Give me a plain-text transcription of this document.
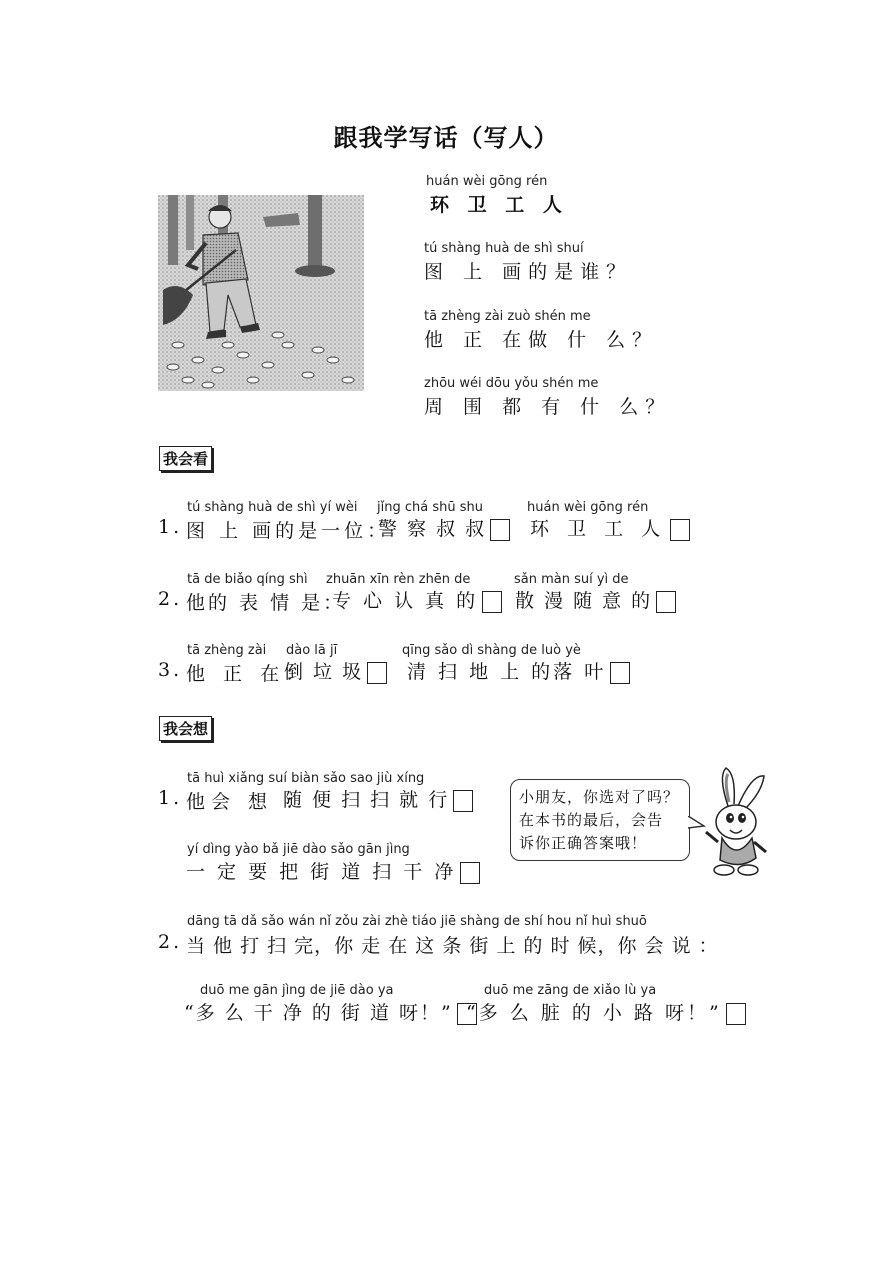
跟我学写话（写人）
huán wèi gōng rén
环 卫 工 人
tú shàng huà de shì shuí
图 上 画的是谁？
tā zhèng zài zuò shén me
他 正 在做 什 么？
zhōu wéi dōu yǒu shén me
周 围 都 有 什 么？
我会看
tú shàng huà de shì yí wèi jǐng chá shū shu	huán wèi gōng rén
1. 图 上 画的是一位：
警 察 叔 叔 环 卫 工 人
tā de biǎo qíng shì zhuān xīn rèn zhēn de	sǎn màn suí yì de
2. 他的 表 情 是：
专 心 认 真 的 散 漫 随 意 的
tā zhèng zài dào lā jī	qīng sǎo dì shàng de luò yè
3. 他 正 在：
倒 垃 圾 清 扫 地 上 的落 叶
我会想
tā huì xiǎng suí biàn sǎo sao jiù xíng
1. 他会 想 ：
随 便 扫 扫 就 行
yí dìng yào bǎ jiē dào sǎo gān jìng
一 定 要 把 街 道 扫 干 净
小朋友，你选对了吗？
在本书的最后，会告
诉你正确答案哦！
dāng tā dǎ sǎo wán nǐ zǒu zài zhè tiáo jiē shàng de shí hou nǐ huì shuō
2. 当 他 打 扫 完，你 走 在 这 条 街 上 的 时 候，你 会 说 ：
duō me gān jìng de jiē dào ya	duō me zāng de xiǎo lù ya
“多 么 干 净 的 街 道 呀！” “多 么 脏 的 小 路 呀！”
